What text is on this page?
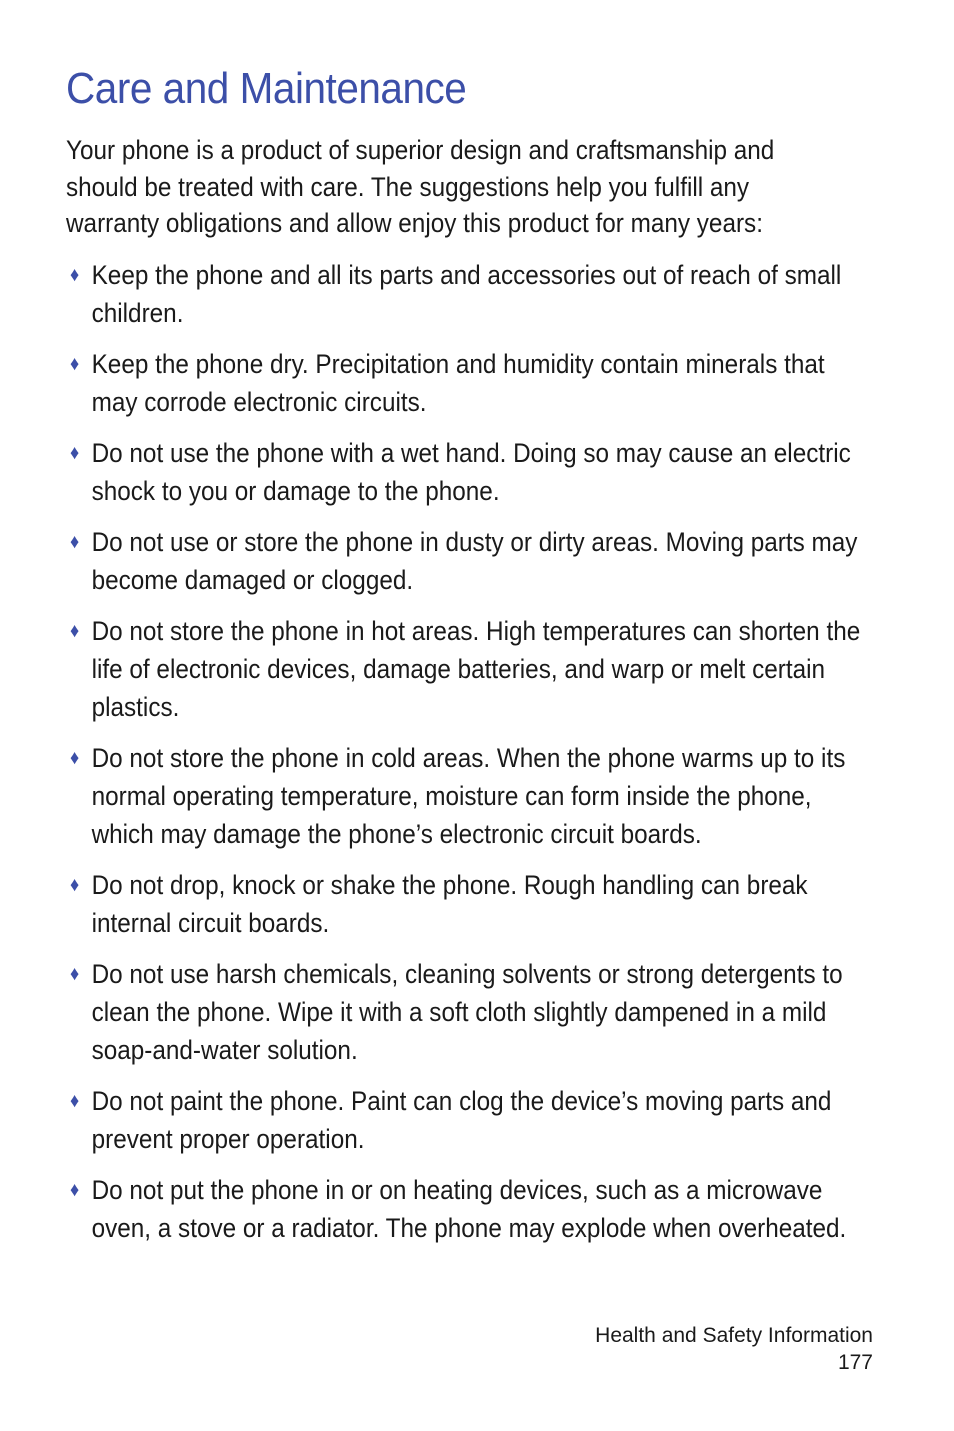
Care and Maintenance

Your phone is a product of superior design and craftsmanship and should be treated with care. The suggestions help you fulfill any warranty obligations and allow enjoy this product for many years:

♦ Keep the phone and all its parts and accessories out of reach of small children.
♦ Keep the phone dry. Precipitation and humidity contain minerals that may corrode electronic circuits.
♦ Do not use the phone with a wet hand. Doing so may cause an electric shock to you or damage to the phone.
♦ Do not use or store the phone in dusty or dirty areas. Moving parts may become damaged or clogged.
♦ Do not store the phone in hot areas. High temperatures can shorten the life of electronic devices, damage batteries, and warp or melt certain plastics.
♦ Do not store the phone in cold areas. When the phone warms up to its normal operating temperature, moisture can form inside the phone, which may damage the phone’s electronic circuit boards.
♦ Do not drop, knock or shake the phone. Rough handling can break internal circuit boards.
♦ Do not use harsh chemicals, cleaning solvents or strong detergents to clean the phone. Wipe it with a soft cloth slightly dampened in a mild soap-and-water solution.
♦ Do not paint the phone. Paint can clog the device’s moving parts and prevent proper operation.
♦ Do not put the phone in or on heating devices, such as a microwave oven, a stove or a radiator. The phone may explode when overheated.
Health and Safety Information
177
